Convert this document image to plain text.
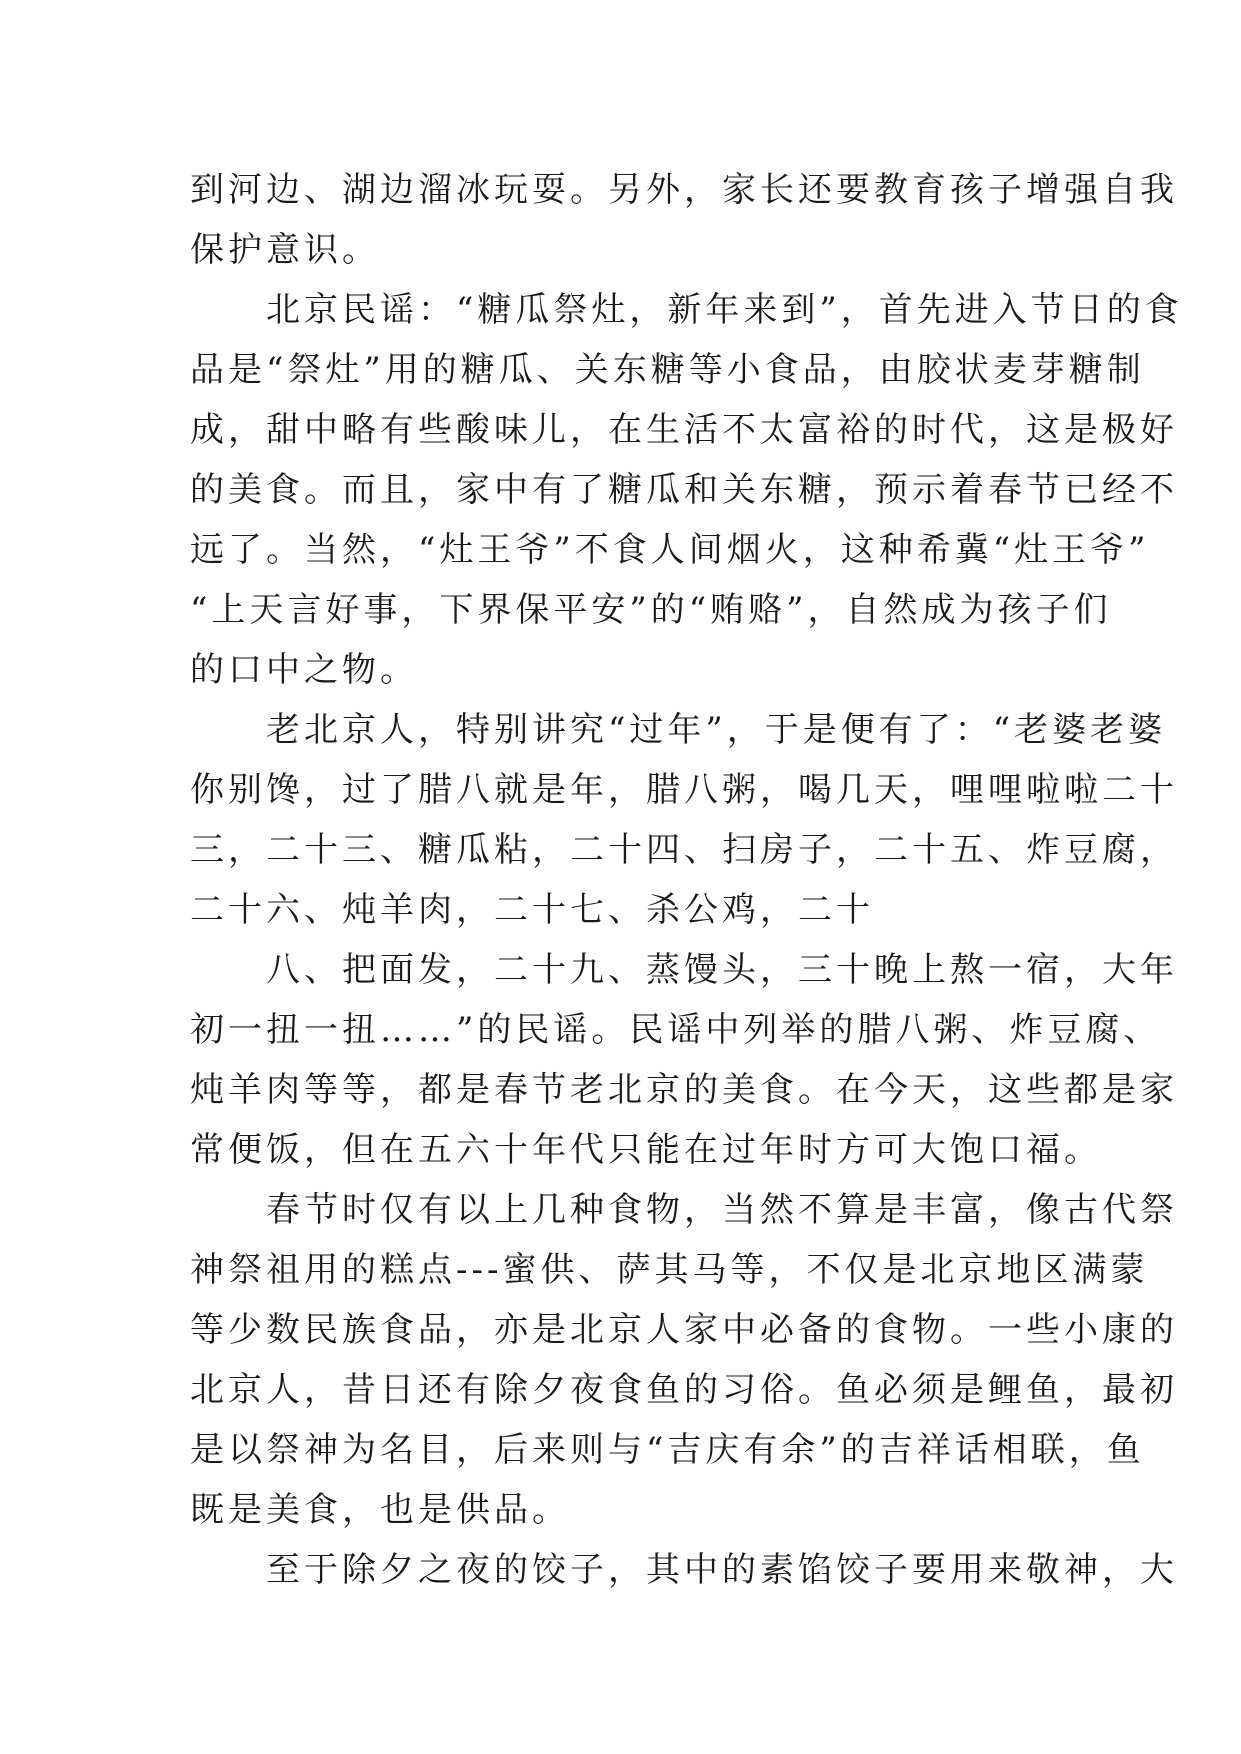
到河边、湖边溜冰玩耍。另外，家长还要教育孩子增强自我
保护意识。
　　北京民谣：“糖瓜祭灶，新年来到”，首先进入节日的食
品是“祭灶”用的糖瓜、关东糖等小食品，由胶状麦芽糖制
成，甜中略有些酸味儿，在生活不太富裕的时代，这是极好
的美食。而且，家中有了糖瓜和关东糖，预示着春节已经不
远了。当然，“灶王爷”不食人间烟火，这种希冀“灶王爷”
“上天言好事，下界保平安”的“贿赂”，自然成为孩子们
的口中之物。
　　老北京人，特别讲究“过年”，于是便有了：“老婆老婆
你别馋，过了腊八就是年，腊八粥，喝几天，哩哩啦啦二十
三，二十三、糖瓜粘，二十四、扫房子，二十五、炸豆腐，
二十六、炖羊肉，二十七、杀公鸡，二十
　　八、把面发，二十九、蒸馒头，三十晚上熬一宿，大年
初一扭一扭……”的民谣。民谣中列举的腊八粥、炸豆腐、
炖羊肉等等，都是春节老北京的美食。在今天，这些都是家
常便饭，但在五六十年代只能在过年时方可大饱口福。
　　春节时仅有以上几种食物，当然不算是丰富，像古代祭
神祭祖用的糕点---蜜供、萨其马等，不仅是北京地区满蒙
等少数民族食品，亦是北京人家中必备的食物。一些小康的
北京人，昔日还有除夕夜食鱼的习俗。鱼必须是鲤鱼，最初
是以祭神为名目，后来则与“吉庆有余”的吉祥话相联，鱼
既是美食，也是供品。
　　至于除夕之夜的饺子，其中的素馅饺子要用来敬神，大
